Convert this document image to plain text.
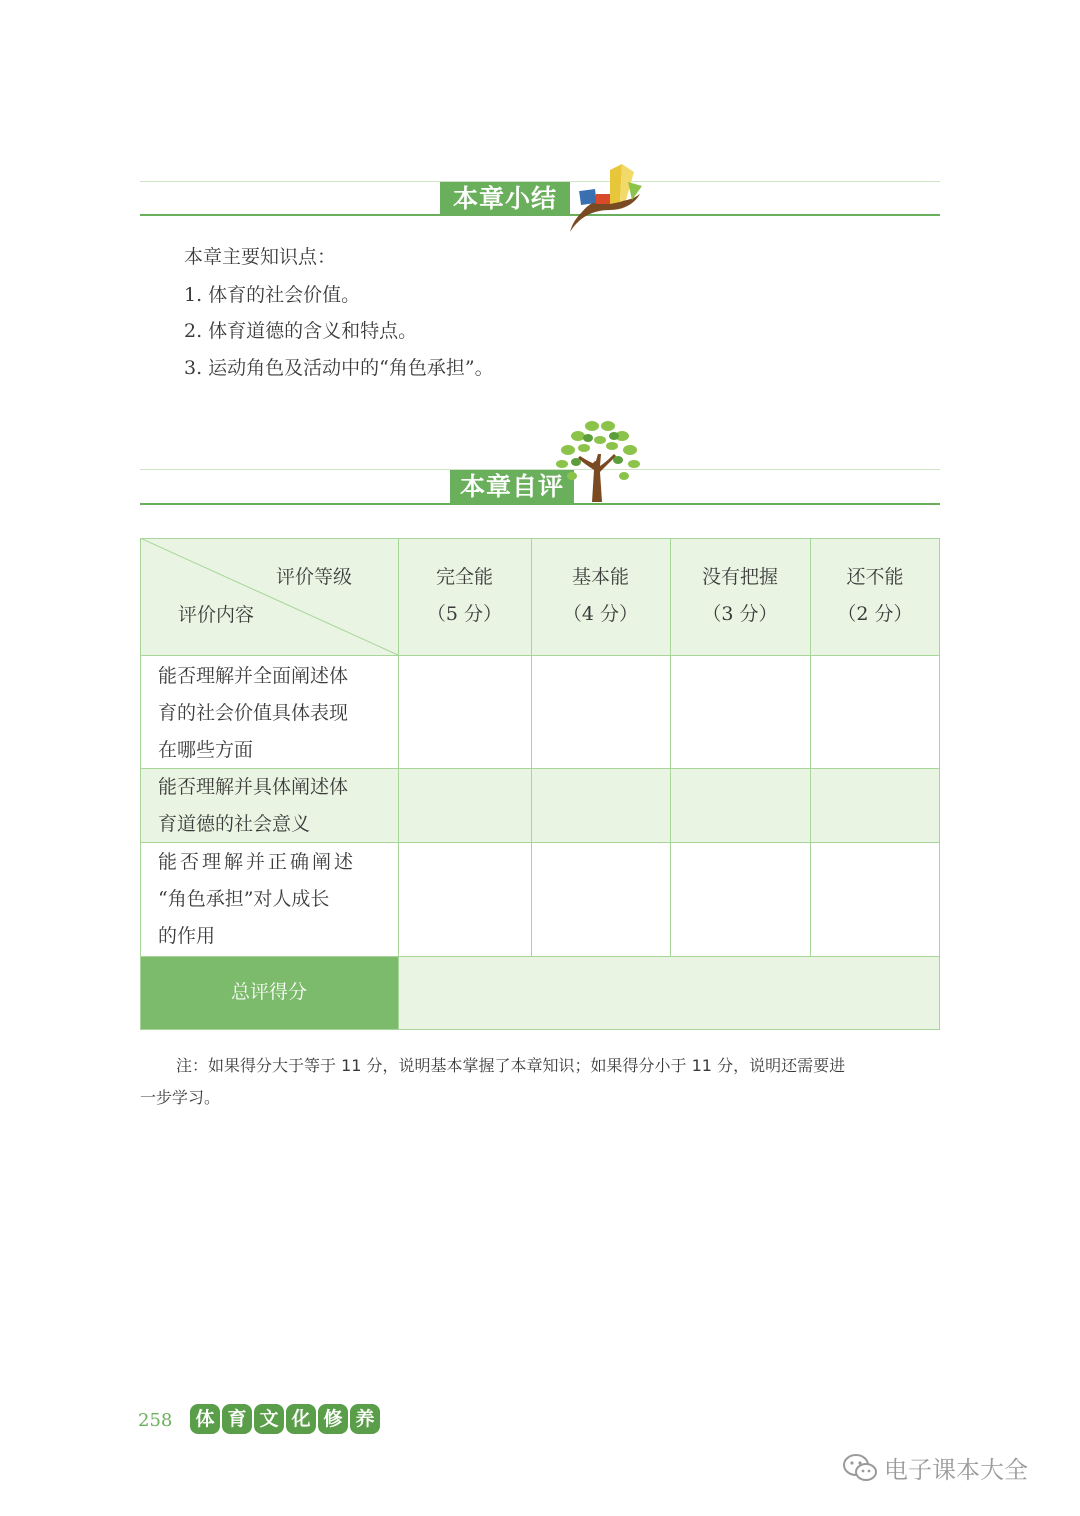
本章小结
本章主要知识点：
1. 体育的社会价值。
2. 体育道德的含义和特点。
3. 运动角色及活动中的“角色承担”。
本章自评
评价等级
评价内容
完全能
（5 分）
基本能
（4 分）
没有把握
（3 分）
还不能
（2 分）
能否理解并全面阐述体
育的社会价值具体表现
在哪些方面
能否理解并具体阐述体
育道德的社会意义
能否理解并正确阐述
“角色承担”对人成长
的作用
总评得分
注：如果得分大于等于 11 分，说明基本掌握了本章知识；如果得分小于 11 分，说明还需要进
一步学习。
258 体 育 文 化 修 养
电子课本大全
